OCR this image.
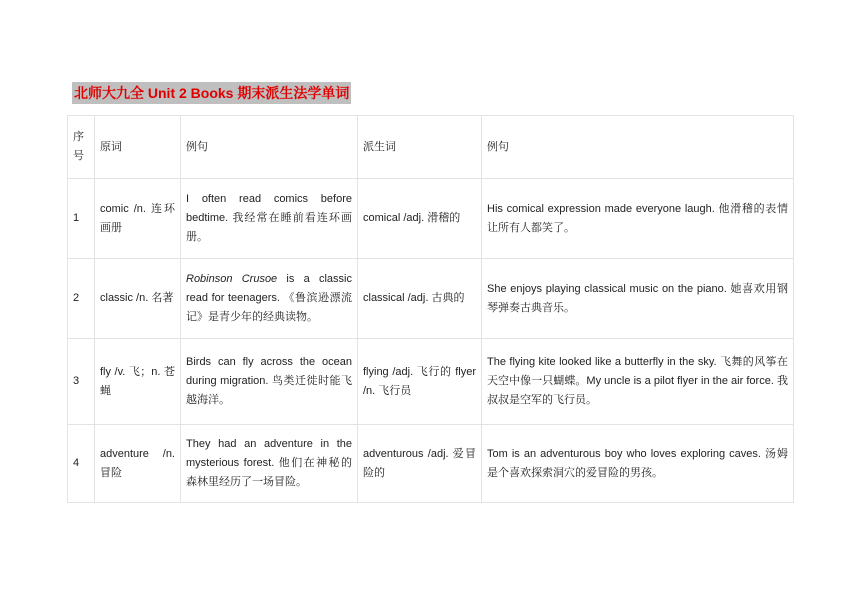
北师大九全 Unit 2 Books 期末派生法学单词
序号	原词	例句	派生词	例句
1	comic /n. 连环画册	I often read comics before bedtime. 我经常在睡前看连环画册。	comical /adj. 滑稽的	His comical expression made everyone laugh. 他滑稽的表情让所有人都笑了。
2	classic /n. 名著	Robinson Crusoe is a classic read for teenagers. 《鲁滨逊漂流记》是青少年的经典读物。	classical /adj. 古典的	She enjoys playing classical music on the piano. 她喜欢用钢琴弹奏古典音乐。
3	fly /v. 飞；n. 苍蝇	Birds can fly across the ocean during migration. 鸟类迁徙时能飞越海洋。	flying /adj. 飞行的 flyer /n. 飞行员	The flying kite looked like a butterfly in the sky. 飞舞的风筝在天空中像一只蝴蝶。My uncle is a pilot flyer in the air force. 我叔叔是空军的飞行员。
4	adventure /n. 冒险	They had an adventure in the mysterious forest. 他们在神秘的森林里经历了一场冒险。	adventurous /adj. 爱冒险的	Tom is an adventurous boy who loves exploring caves. 汤姆是个喜欢探索洞穴的爱冒险的男孩。
